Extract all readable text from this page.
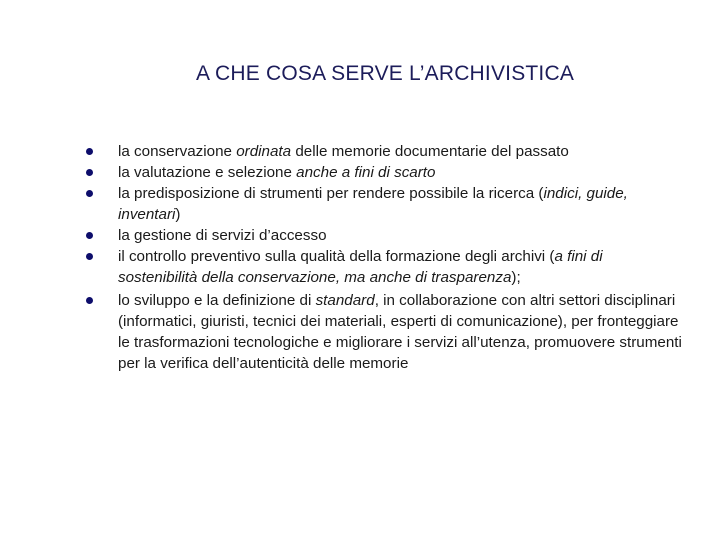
A CHE COSA SERVE L’ARCHIVISTICA
la conservazione ordinata delle memorie documentarie del passato
la valutazione e selezione anche a fini di scarto
la predisposizione di strumenti per rendere possibile la ricerca (indici, guide, inventari)
la gestione di servizi d’accesso
il controllo preventivo sulla qualità della formazione degli archivi (a fini di sostenibilità della conservazione, ma anche di trasparenza);
lo sviluppo e la definizione di standard, in collaborazione con altri settori disciplinari (informatici, giuristi, tecnici dei materiali, esperti di comunicazione), per fronteggiare le trasformazioni tecnologiche e migliorare i servizi all’utenza, promuovere strumenti per la verifica dell’autenticità delle memorie
